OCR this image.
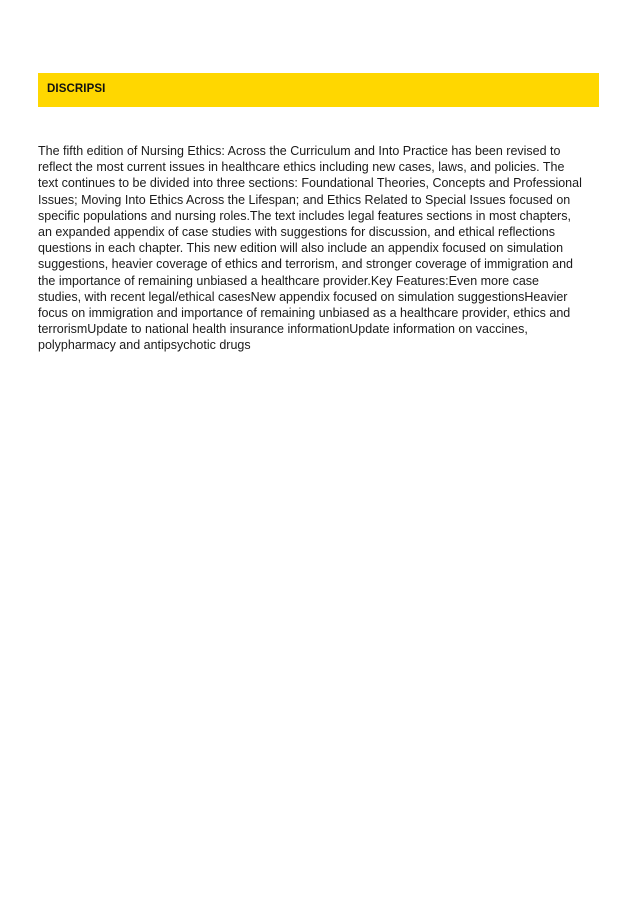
DISCRIPSI

The fifth edition of Nursing Ethics: Across the Curriculum and Into Practice has been revised to
reflect the most current issues in healthcare ethics including new cases, laws, and policies. The
text continues to be divided into three sections: Foundational Theories, Concepts and Professional
Issues; Moving Into Ethics Across the Lifespan; and Ethics Related to Special Issues focused on
specific populations and nursing roles.The text includes legal features sections in most chapters,
an expanded appendix of case studies with suggestions for discussion, and ethical reflections
questions in each chapter. This new edition will also include an appendix focused on simulation
suggestions, heavier coverage of ethics and terrorism, and stronger coverage of immigration and
the importance of remaining unbiased a healthcare provider.Key Features:Even more case
studies, with recent legal/ethical casesNew appendix focused on simulation suggestionsHeavier
focus on immigration and importance of remaining unbiased as a healthcare provider, ethics and
terrorismUpdate to national health insurance informationUpdate information on vaccines,
polypharmacy and antipsychotic drugs
